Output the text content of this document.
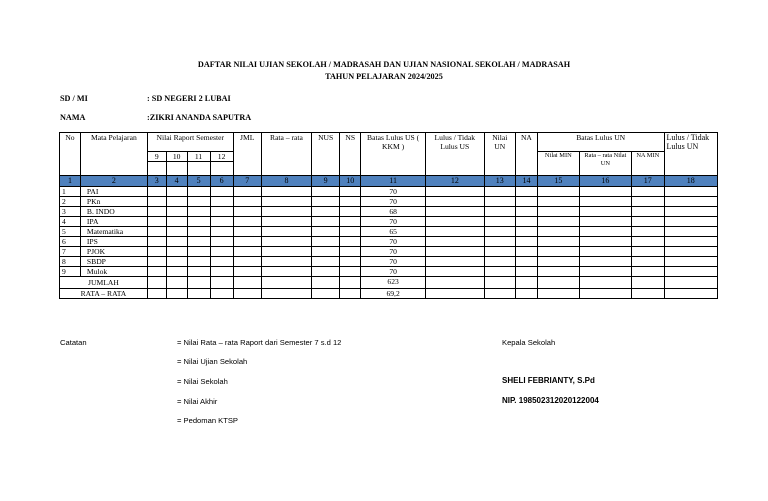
DAFTAR NILAI UJIAN SEKOLAH / MADRASAH DAN UJIAN NASIONAL SEKOLAH / MADRASAH
TAHUN PELAJARAN 2024/2025
SD / MI	: SD NEGERI 2 LUBAI
NAMA	:ZIKRI ANANDA SAPUTRA
No	Mata Pelajaran	Nilai Raport Semester				JML	Rata – rata	NUS	NS	Batas Lulus US ( KKM )	Lulus / Tidak Lulus US	Nilai UN	NA	Batas Lulus UN			Lulus / Tidak Lulus UN
		9	10	11	12									Nilai MIN	Rata – rata Nilai UN	NA MIN	

1	2	3	4	5	6	7	8	9	10	11	12	13	14	15	16	17	18
1	PAI									70							
2	PKn									70							
3	B. INDO									68							
4	IPA									70							
5	Matematika									65							
6	IPS									70							
7	PJOK									70							
8	SBDP									70							
9	Mulok									70							
JUMLAH										623							
RATA – RATA										69,2							
Catatan	= Nilai Rata – rata Raport dari Semester 7 s.d 12
= Nilai Ujian Sekolah
= Nilai Sekolah
= Nilai Akhir
= Pedoman KTSP
Kepala Sekolah
SHELI FEBRIANTY, S.Pd
NIP. 198502312020122004
